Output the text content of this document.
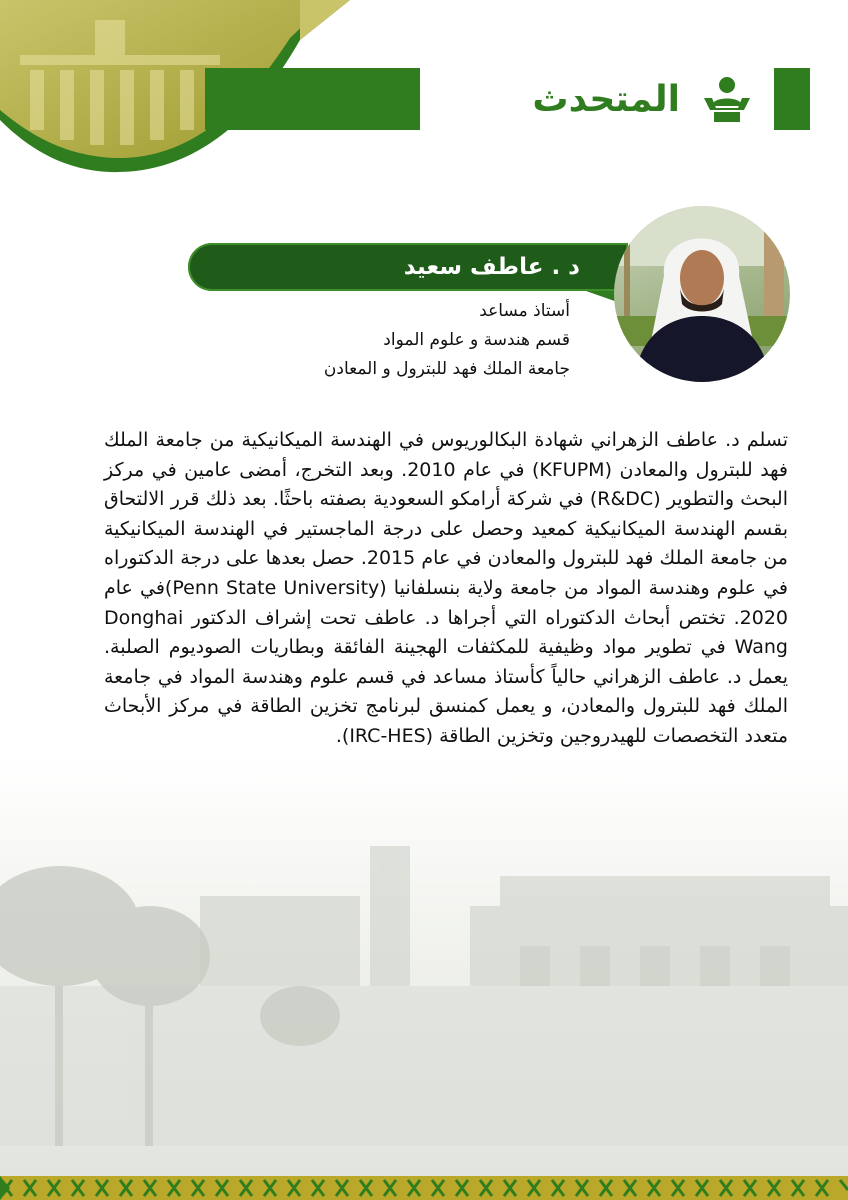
المتحدث
د . عاطف سعيد
أستاذ مساعد
قسم هندسة و علوم المواد
جامعة الملك فهد للبترول و المعادن
تسلم د. عاطف الزهراني شهادة البكالوريوس في الهندسة الميكانيكية من جامعة الملك فهد للبترول والمعادن (KFUPM) في عام 2010. وبعد التخرج، أمضى عامين في مركز البحث والتطوير (R&DC) في شركة أرامكو السعودية بصفته باحثًا. بعد ذلك قرر الالتحاق بقسم الهندسة الميكانيكية كمعيد وحصل على درجة الماجستير في الهندسة الميكانيكية من جامعة الملك فهد للبترول والمعادن في عام 2015. حصل بعدها على درجة الدكتوراه في علوم وهندسة المواد من جامعة ولاية بنسلفانيا (Penn State University)في عام 2020. تختص أبحاث الدكتوراه التي أجراها د. عاطف تحت إشراف الدكتور Donghai Wang في تطوير مواد وظيفية للمكثفات الهجينة الفائقة وبطاريات الصوديوم الصلبة. يعمل د. عاطف الزهراني حالياً كأستاذ مساعد في قسم علوم وهندسة المواد في جامعة الملك فهد للبترول والمعادن، و يعمل كمنسق لبرنامج تخزين الطاقة في مركز الأبحاث متعدد التخصصات للهيدروجين وتخزين الطاقة (IRC-HES).
